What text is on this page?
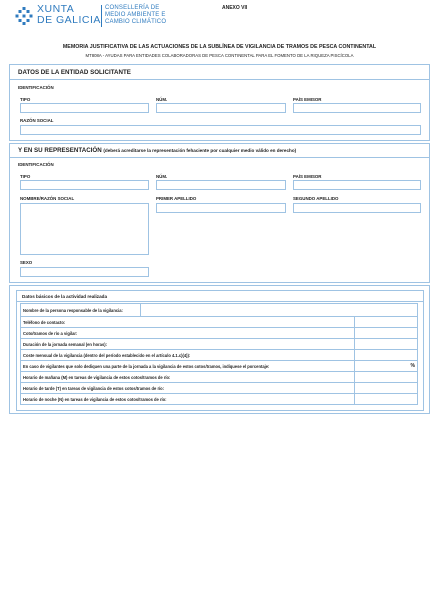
XUNTA
DE GALICIA
CONSELLERÍA DE
MEDIO AMBIENTE E
CAMBIO CLIMÁTICO
ANEXO VII
MEMORIA JUSTIFICATIVA DE LAS ACTUACIONES DE LA SUBLÍNEA DE VIGILANCIA DE TRAMOS DE PESCA CONTINENTAL
MT808A - AYUDAS PARA ENTIDADES COLABORADORAS DE PESCA CONTINENTAL PARA EL FOMENTO DE LA RIQUEZA PISCÍCOLA
DATOS DE LA ENTIDAD SOLICITANTE
IDENTIFICACIÓN
TIPO	NÚM.	PAÍS EMISOR
RAZÓN SOCIAL
Y EN SU REPRESENTACIÓN (deberá acreditarse la representación fehaciente por cualquier medio válido en derecho)
IDENTIFICACIÓN
TIPO	NÚM.	PAÍS EMISOR
NOMBRE/RAZÓN SOCIAL	PRIMER APELLIDO	SEGUNDO APELLIDO
SEXO
Datos básicos de la actividad realizada
Nombre de la persona responsable de la vigilancia:		
Teléfono de contacto:		
Coto/tramos de río a vigilar:		
Duración de la jornada semanal (en horas):		
Coste mensual de la vigilancia (dentro del período establecido en el artículo 4.1.c)(4)):		
En caso de vigilantes que solo dediquen una parte de la jornada a la vigilancia de estos cotos/tramos, indíquese el porcentaje:		%
Horario de mañana (M) en tareas de vigilancia de estos cotos/tramos de río:		
Horario de tarde (T) en tareas de vigilancia de estos cotos/tramos de río:		
Horario de noche (N) en tareas de vigilancia de estos cotos/tramos de río:		
